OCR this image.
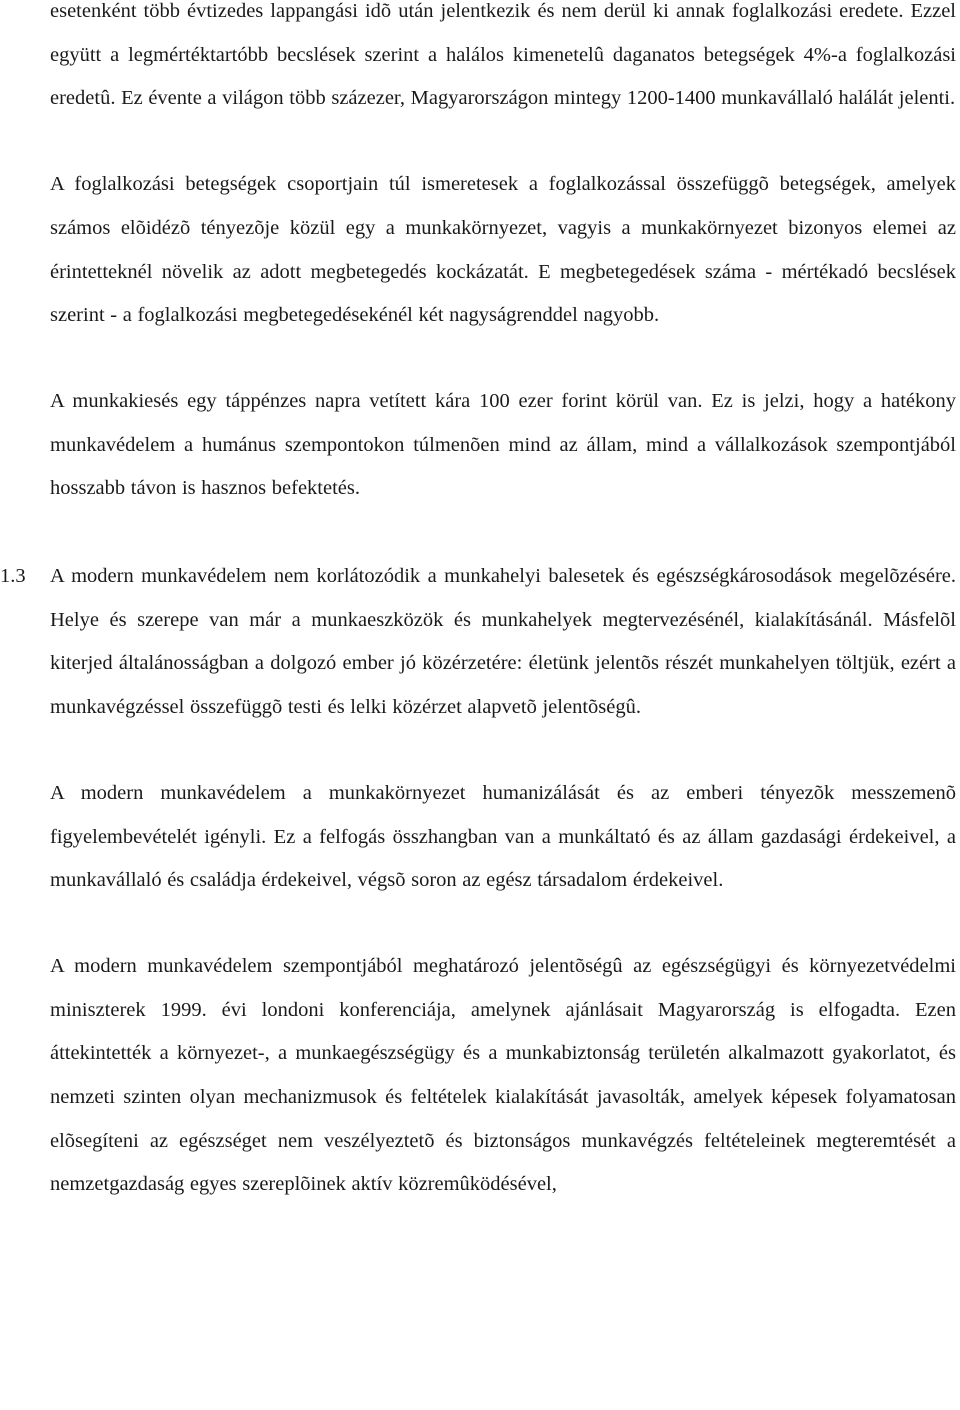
esetenként több évtizedes lappangási idõ után jelentkezik és nem derül ki annak foglalkozási eredete. Ezzel együtt a legmértéktartóbb becslések szerint a halálos kimenetelû daganatos betegségek 4%-a foglalkozási eredetû. Ez évente a világon több százezer, Magyarországon mintegy 1200-1400 munkavállaló halálát jelenti.

A foglalkozási betegségek csoportjain túl ismeretesek a foglalkozással összefüggõ betegségek, amelyek számos elõidézõ tényezõje közül egy a munkakörnyezet, vagyis a munkakörnyezet bizonyos elemei az érintetteknél növelik az adott megbetegedés kockázatát. E megbetegedések száma - mértékadó becslések szerint - a foglalkozási megbetegedésekénél két nagyságrenddel nagyobb.

A munkakiesés egy táppénzes napra vetített kára 100 ezer forint körül van. Ez is jelzi, hogy a hatékony munkavédelem a humánus szempontokon túlmenõen mind az állam, mind a vállalkozások szempontjából hosszabb távon is hasznos befektetés.

1.3 A modern munkavédelem nem korlátozódik a munkahelyi balesetek és egészségkárosodások megelõzésére. Helye és szerepe van már a munkaeszközök és munkahelyek megtervezésénél, kialakításánál. Másfelõl kiterjed általánosságban a dolgozó ember jó közérzetére: életünk jelentõs részét munkahelyen töltjük, ezért a munkavégzéssel összefüggõ testi és lelki közérzet alapvetõ jelentõségû.

A modern munkavédelem a munkakörnyezet humanizálását és az emberi tényezõk messzemenõ figyelembevételét igényli. Ez a felfogás összhangban van a munkáltató és az állam gazdasági érdekeivel, a munkavállaló és családja érdekeivel, végsõ soron az egész társadalom érdekeivel.

A modern munkavédelem szempontjából meghatározó jelentõségû az egészségügyi és környezetvédelmi miniszterek 1999. évi londoni konferenciája, amelynek ajánlásait Magyarország is elfogadta. Ezen áttekintették a környezet-, a munkaegészségügy és a munkabiztonság területén alkalmazott gyakorlatot, és nemzeti szinten olyan mechanizmusok és feltételek kialakítását javasolták, amelyek képesek folyamatosan elõsegíteni az egészséget nem veszélyeztetõ és biztonságos munkavégzés feltételeinek megteremtését a nemzetgazdaság egyes szereplõinek aktív közremûködésével,
